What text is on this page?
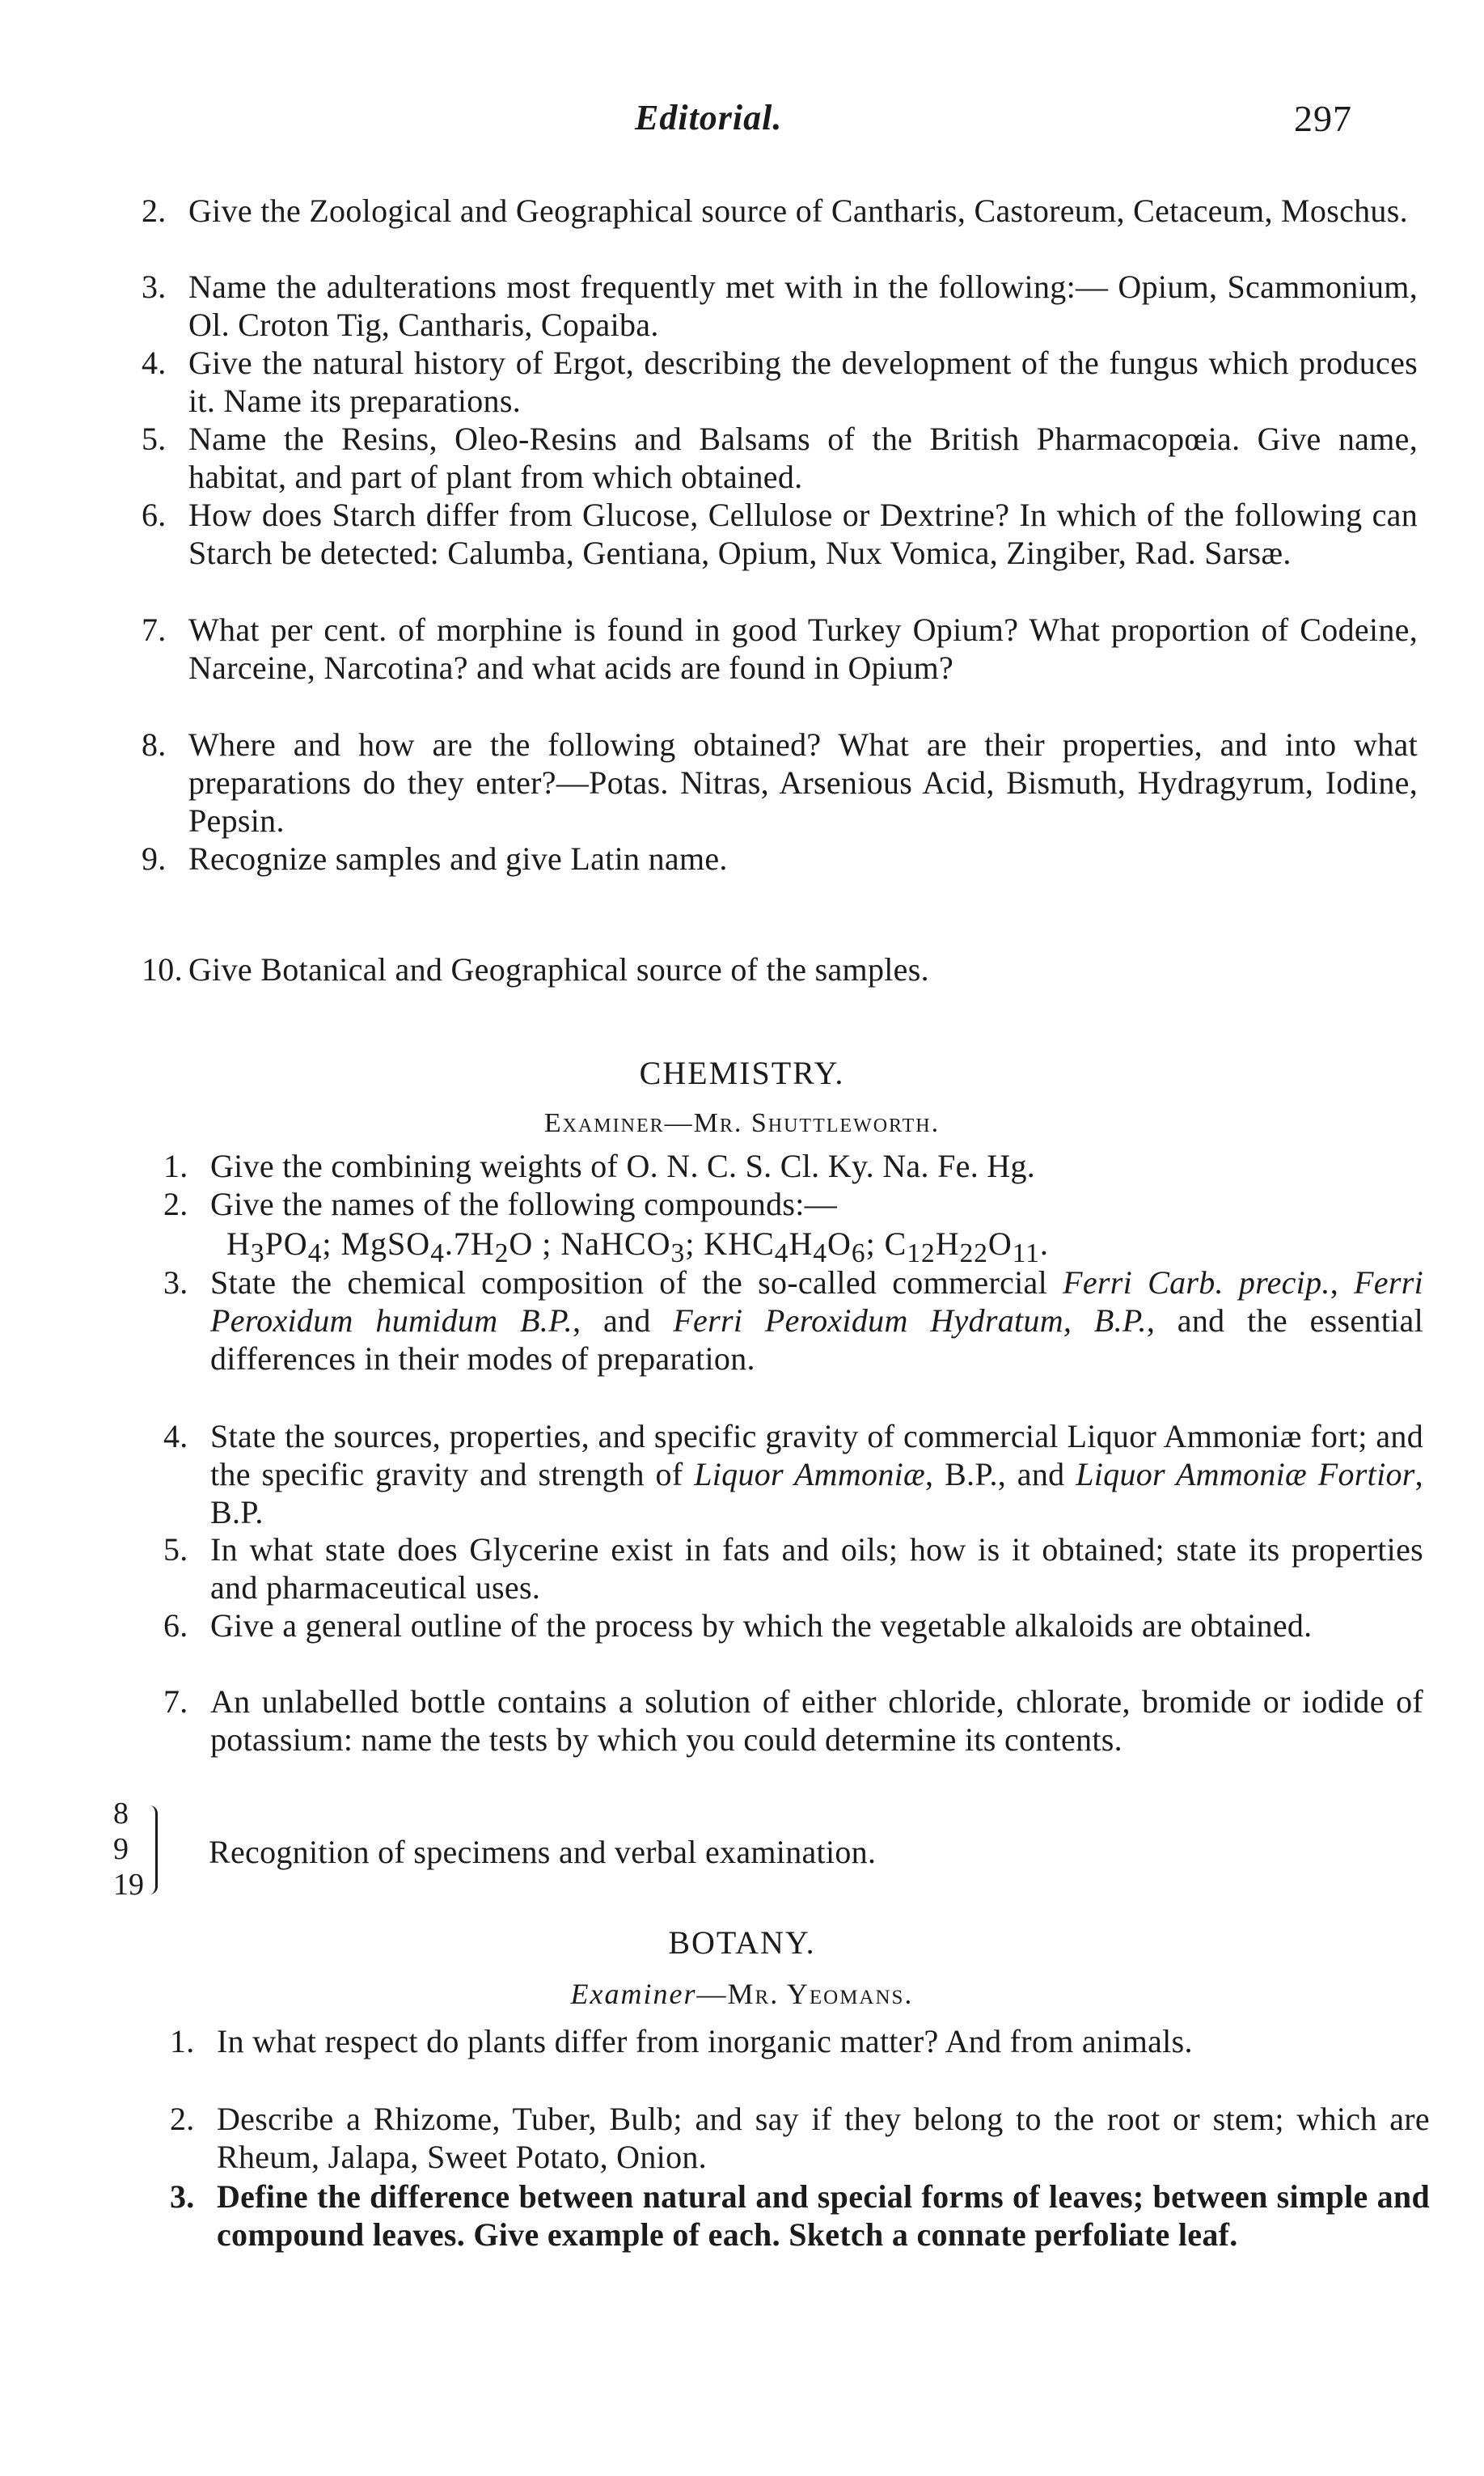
Editorial.	297
2. Give the Zoological and Geographical source of Cantharis, Castoreum, Cetaceum, Moschus.
3. Name the adulterations most frequently met with in the following:— Opium, Scammonium, Ol. Croton Tig, Cantharis, Copaiba.
4. Give the natural history of Ergot, describing the development of the fungus which produces it. Name its preparations.
5. Name the Resins, Oleo-Resins and Balsams of the British Pharmacopœia. Give name, habitat, and part of plant from which obtained.
6. How does Starch differ from Glucose, Cellulose or Dextrine? In which of the following can Starch be detected: Calumba, Gentiana, Opium, Nux Vomica, Zingiber, Rad. Sarsæ.
7. What per cent. of morphine is found in good Turkey Opium? What proportion of Codeine, Narceine, Narcotina? and what acids are found in Opium?
8. Where and how are the following obtained? What are their properties, and into what preparations do they enter?—Potas. Nitras, Arsenious Acid, Bismuth, Hydragyrum, Iodine, Pepsin.
9. Recognize samples and give Latin name.
10. Give Botanical and Geographical source of the samples.
CHEMISTRY.
Examiner—Mr. Shuttleworth.
1. Give the combining weights of O. N. C. S. Cl. Ky. Na. Fe. Hg.
2. Give the names of the following compounds:—
$H_3PO_4$; $MgSO_4.7H_2O$ ; NaHCO$_3$; $KHC_4H_4O_6$; $C_{12}H_{22}O_{11}$.
3. State the chemical composition of the so-called commercial Ferri Carb. precip., Ferri Peroxidum humidum B.P., and Ferri Peroxidum Hydratum, B.P., and the essential differences in their modes of preparation.
4. State the sources, properties, and specific gravity of commercial Liquor Ammoniæ fort; and the specific gravity and strength of Liquor Ammoniæ, B.P., and Liquor Ammoniæ Fortior, B.P.
5. In what state does Glycerine exist in fats and oils; how is it obtained; state its properties and pharmaceutical uses.
6. Give a general outline of the process by which the vegetable alkaloids are obtained.
7. An unlabelled bottle contains a solution of either chloride, chlorate, bromide or iodide of potassium: name the tests by which you could determine its contents.
8
9
19
Recognition of specimens and verbal examination.
BOTANY.
Examiner—Mr. Yeomans.
1. In what respect do plants differ from inorganic matter? And from animals.
2. Describe a Rhizome, Tuber, Bulb; and say if they belong to the root or stem; which are Rheum, Jalapa, Sweet Potato, Onion.
3. Define the difference between natural and special forms of leaves; between simple and compound leaves. Give example of each. Sketch a connate perfoliate leaf.
